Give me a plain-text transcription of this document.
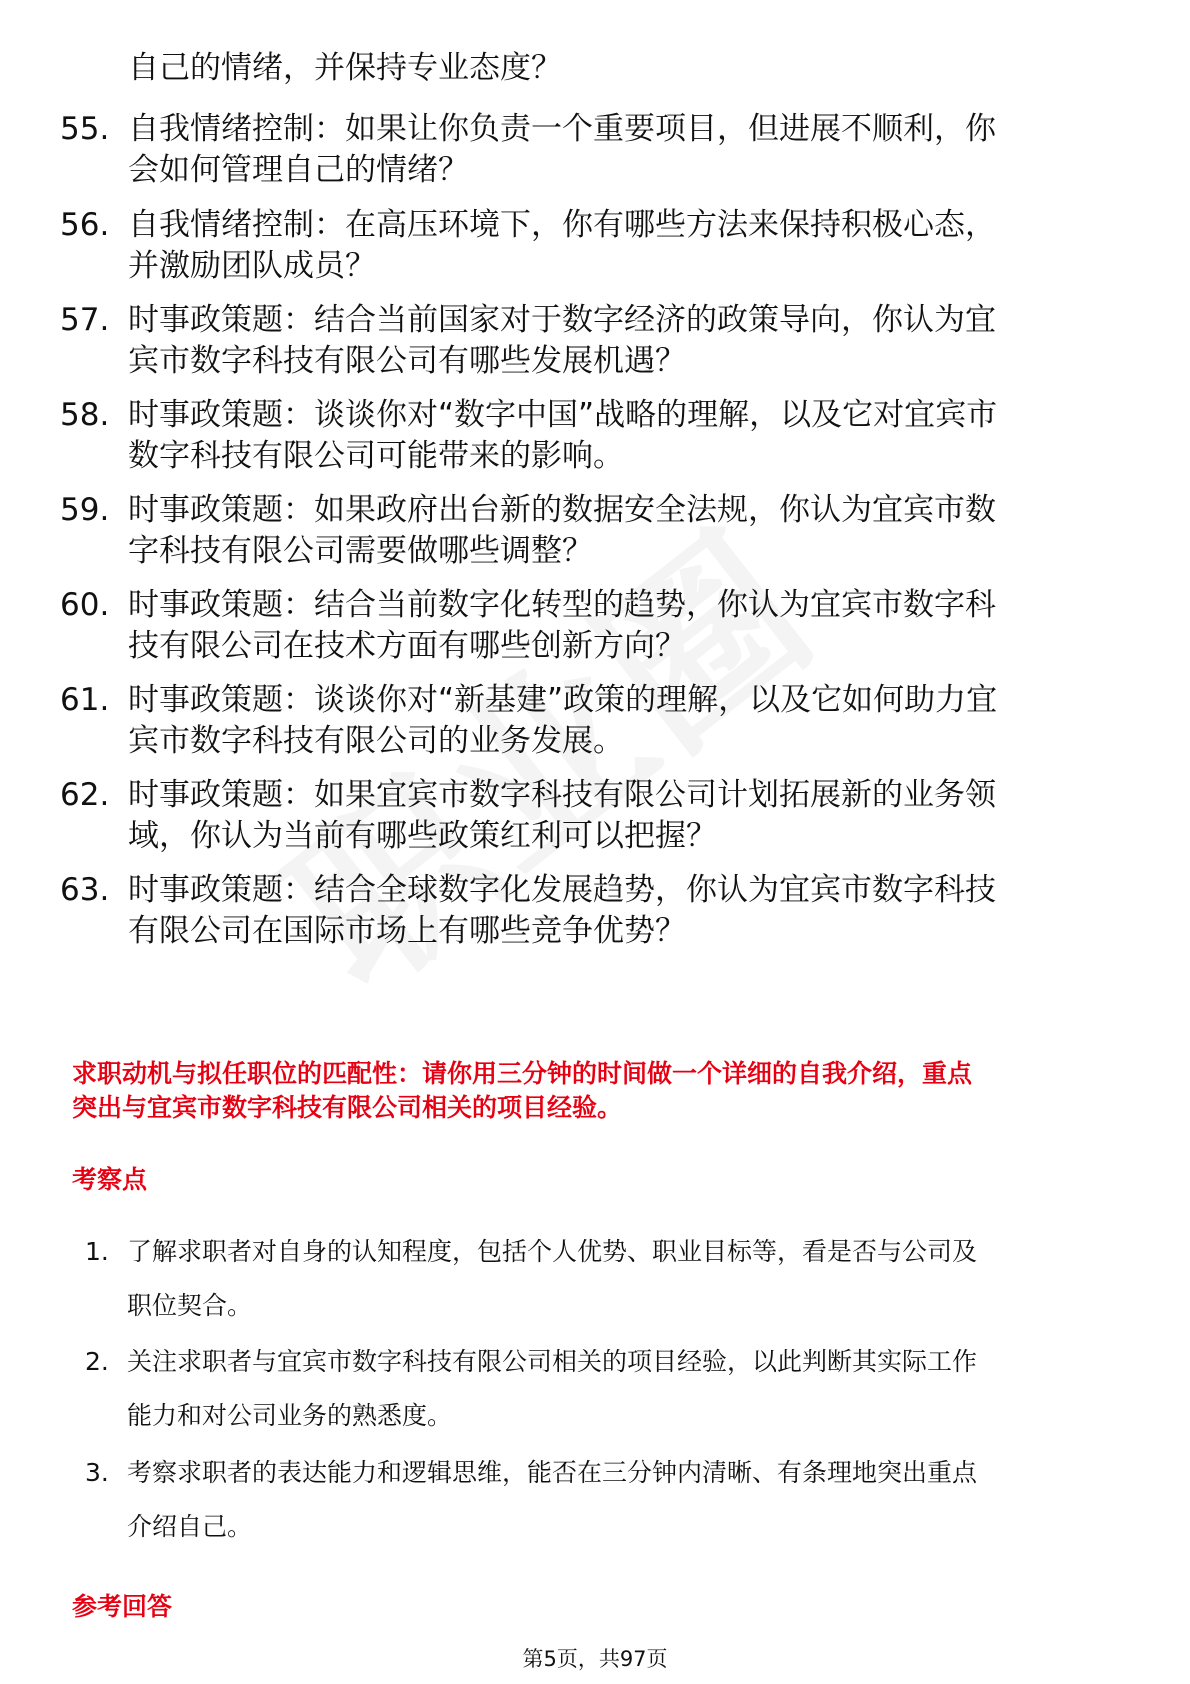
自己的情绪，并保持专业态度？
55. 自我情绪控制：如果让你负责一个重要项目，但进展不顺利，你
会如何管理自己的情绪？
56. 自我情绪控制：在高压环境下，你有哪些方法来保持积极心态，
并激励团队成员？
57. 时事政策题：结合当前国家对于数字经济的政策导向，你认为宜
宾市数字科技有限公司有哪些发展机遇？
58. 时事政策题：谈谈你对“数字中国”战略的理解，以及它对宜宾市
数字科技有限公司可能带来的影响。
59. 时事政策题：如果政府出台新的数据安全法规，你认为宜宾市数
字科技有限公司需要做哪些调整？
60. 时事政策题：结合当前数字化转型的趋势，你认为宜宾市数字科
技有限公司在技术方面有哪些创新方向？
61. 时事政策题：谈谈你对“新基建”政策的理解，以及它如何助力宜
宾市数字科技有限公司的业务发展。
62. 时事政策题：如果宜宾市数字科技有限公司计划拓展新的业务领
域，你认为当前有哪些政策红利可以把握？
63. 时事政策题：结合全球数字化发展趋势，你认为宜宾市数字科技
有限公司在国际市场上有哪些竞争优势？
求职动机与拟任职位的匹配性：请你用三分钟的时间做一个详细的自我介绍，重点
突出与宜宾市数字科技有限公司相关的项目经验。
考察点
1. 了解求职者对自身的认知程度，包括个人优势、职业目标等，看是否与公司及
职位契合。
2. 关注求职者与宜宾市数字科技有限公司相关的项目经验，以此判断其实际工作
能力和对公司业务的熟悉度。
3. 考察求职者的表达能力和逻辑思维，能否在三分钟内清晰、有条理地突出重点
介绍自己。
参考回答
第5页，共97页
